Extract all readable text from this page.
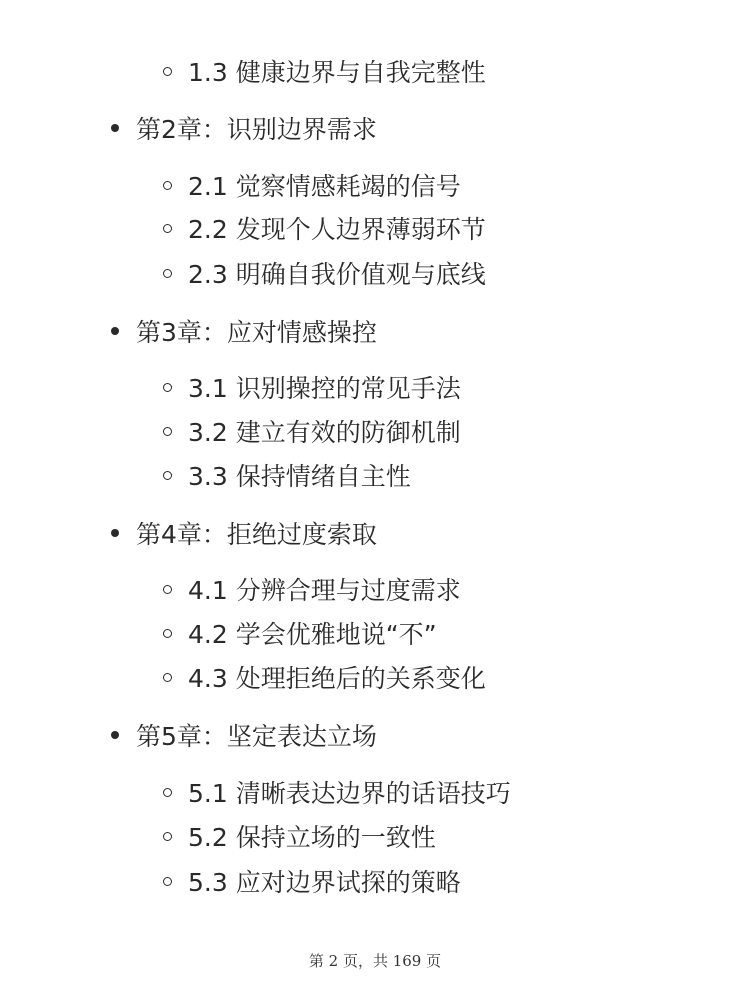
1.3 健康边界与自我完整性
第2章：识别边界需求
2.1 觉察情感耗竭的信号
2.2 发现个人边界薄弱环节
2.3 明确自我价值观与底线
第3章：应对情感操控
3.1 识别操控的常见手法
3.2 建立有效的防御机制
3.3 保持情绪自主性
第4章：拒绝过度索取
4.1 分辨合理与过度需求
4.2 学会优雅地说“不”
4.3 处理拒绝后的关系变化
第5章：坚定表达立场
5.1 清晰表达边界的话语技巧
5.2 保持立场的一致性
5.3 应对边界试探的策略
第 2 页，共 169 页
